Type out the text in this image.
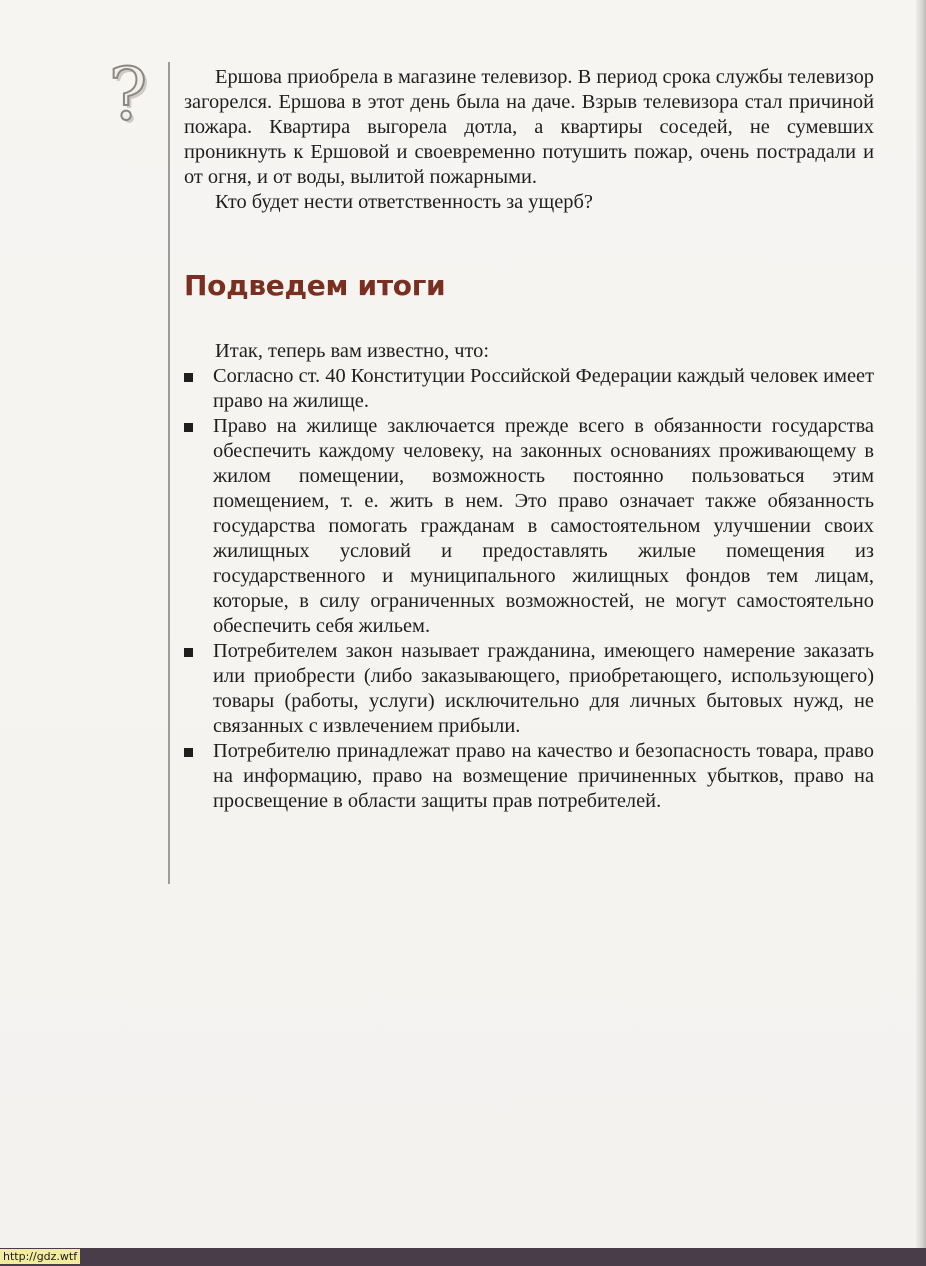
?	Ершова приобрела в магазине телевизор. В период срока службы телевизор загорелся. Ершова в этот день была на даче. Взрыв телевизора стал причиной пожара. Квартира выгорела дотла, а квартиры соседей, не сумевших проникнуть к Ершовой и своевременно потушить пожар, очень пострадали и от огня, и от воды, вылитой пожарными.

Кто будет нести ответственность за ущерб?

Подведем итоги

Итак, теперь вам известно, что:

Согласно ст. 40 Конституции Российской Федерации каждый человек имеет право на жилище.
Право на жилище заключается прежде всего в обязанности государства обеспечить каждому человеку, на законных основаниях проживающему в жилом помещении, возможность постоянно пользоваться этим помещением, т. е. жить в нем. Это право означает также обязанность государства помогать гражданам в самостоятельном улучшении своих жилищных условий и предоставлять жилые помещения из государственного и муниципального жилищных фондов тем лицам, которые, в силу ограниченных возможностей, не могут самостоятельно обеспечить себя жильем.
Потребителем закон называет гражданина, имеющего намерение заказать или приобрести (либо заказывающего, приобретающего, использующего) товары (работы, услуги) исключительно для личных бытовых нужд, не связанных с извлечением прибыли.
Потребителю принадлежат право на качество и безопасность товара, право на информацию, право на возмещение причиненных убытков, право на просвещение в области защиты прав потребителей.
http://gdz.wtf
